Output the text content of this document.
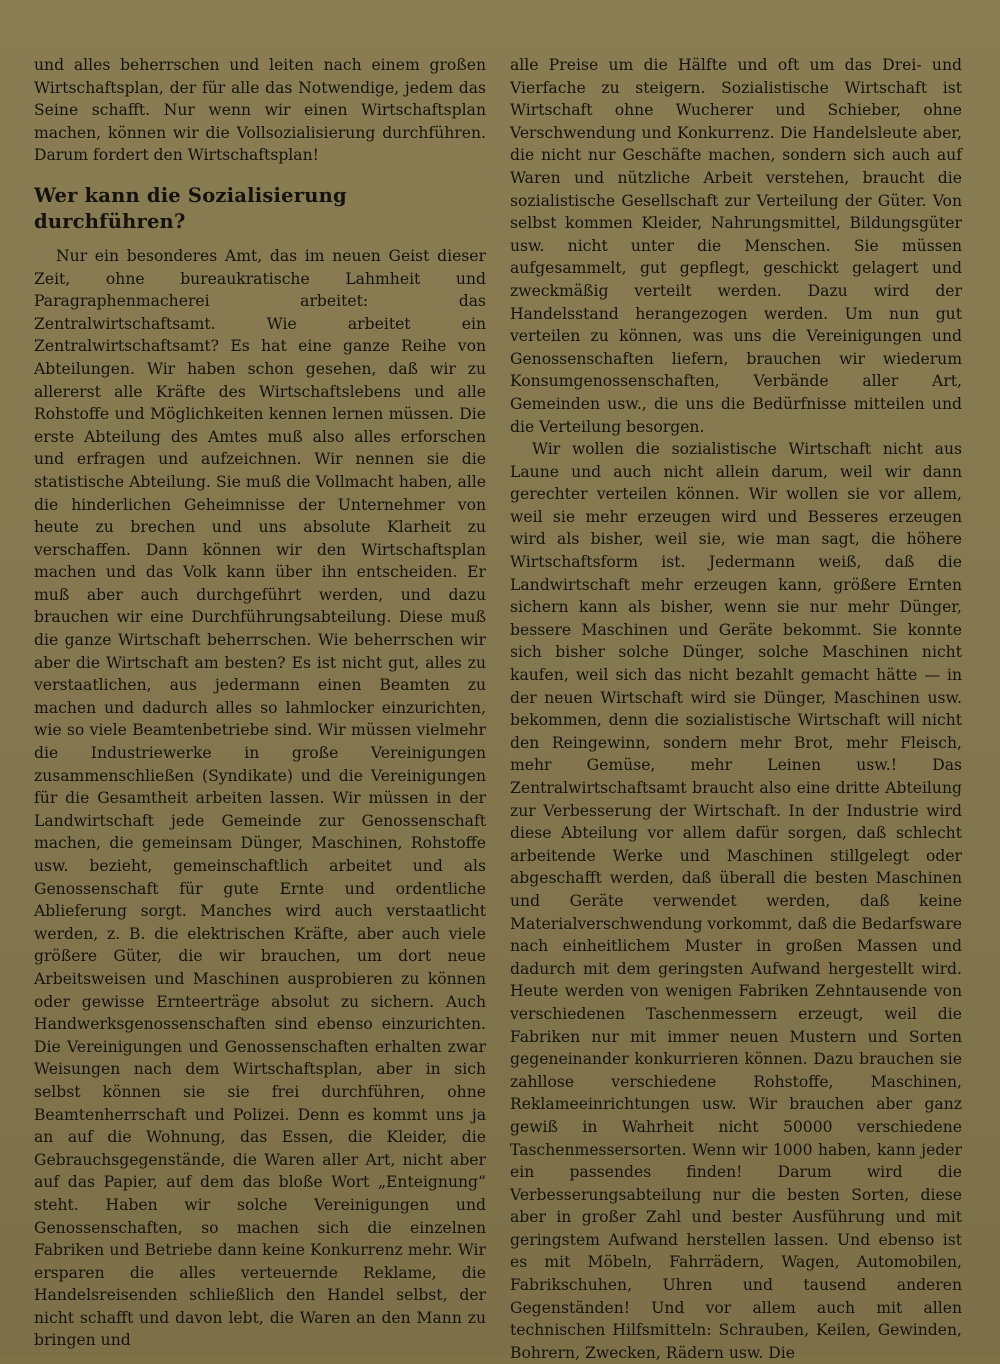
und alles beherrschen und leiten nach einem großen Wirtschaftsplan, der für alle das Notwendige, jedem das Seine schafft. Nur wenn wir einen Wirtschaftsplan machen, können wir die Vollsozialisierung durchführen. Darum fordert den Wirtschaftsplan!

Wer kann die Sozialisierung durchführen?

Nur ein besonderes Amt, das im neuen Geist dieser Zeit, ohne bureaukratische Lahmheit und Paragraphenmacherei arbeitet: das Zentralwirtschaftsamt. Wie arbeitet ein Zentralwirtschaftsamt? Es hat eine ganze Reihe von Abteilungen. Wir haben schon gesehen, daß wir zu allererst alle Kräfte des Wirtschaftslebens und alle Rohstoffe und Möglichkeiten kennen lernen müssen. Die erste Abteilung des Amtes muß also alles erforschen und erfragen und aufzeichnen. Wir nennen sie die statistische Abteilung. Sie muß die Vollmacht haben, alle die hinderlichen Geheimnisse der Unternehmer von heute zu brechen und uns absolute Klarheit zu verschaffen. Dann können wir den Wirtschaftsplan machen und das Volk kann über ihn entscheiden. Er muß aber auch durchgeführt werden, und dazu brauchen wir eine Durchführungsabteilung. Diese muß die ganze Wirtschaft beherrschen. Wie beherrschen wir aber die Wirtschaft am besten? Es ist nicht gut, alles zu verstaatlichen, aus jedermann einen Beamten zu machen und dadurch alles so lahmlocker einzurichten, wie so viele Beamtenbetriebe sind. Wir müssen vielmehr die Industriewerke in große Vereinigungen zusammenschließen (Syndikate) und die Vereinigungen für die Gesamtheit arbeiten lassen. Wir müssen in der Landwirtschaft jede Gemeinde zur Genossenschaft machen, die gemeinsam Dünger, Maschinen, Rohstoffe usw. bezieht, gemeinschaftlich arbeitet und als Genossenschaft für gute Ernte und ordentliche Ablieferung sorgt. Manches wird auch verstaatlicht werden, z. B. die elektrischen Kräfte, aber auch viele größere Güter, die wir brauchen, um dort neue Arbeitsweisen und Maschinen ausprobieren zu können oder gewisse Ernteerträge absolut zu sichern. Auch Handwerksgenossenschaften sind ebenso einzurichten. Die Vereinigungen und Genossenschaften erhalten zwar Weisungen nach dem Wirtschaftsplan, aber in sich selbst können sie sie frei durchführen, ohne Beamtenherrschaft und Polizei. Denn es kommt uns ja an auf die Wohnung, das Essen, die Kleider, die Gebrauchsgegenstände, die Waren aller Art, nicht aber auf das Papier, auf dem das bloße Wort „Enteignung“ steht. Haben wir solche Vereinigungen und Genossenschaften, so machen sich die einzelnen Fabriken und Betriebe dann keine Konkurrenz mehr. Wir ersparen die alles verteuernde Reklame, die Handelsreisenden schließlich den Handel selbst, der nicht schafft und davon lebt, die Waren an den Mann zu bringen und

alle Preise um die Hälfte und oft um das Drei- und Vierfache zu steigern. Sozialistische Wirtschaft ist Wirtschaft ohne Wucherer und Schieber, ohne Verschwendung und Konkurrenz. Die Handelsleute aber, die nicht nur Geschäfte machen, sondern sich auch auf Waren und nützliche Arbeit verstehen, braucht die sozialistische Gesellschaft zur Verteilung der Güter. Von selbst kommen Kleider, Nahrungsmittel, Bildungsgüter usw. nicht unter die Menschen. Sie müssen aufgesammelt, gut gepflegt, geschickt gelagert und zweckmäßig verteilt werden. Dazu wird der Handelsstand herangezogen werden. Um nun gut verteilen zu können, was uns die Vereinigungen und Genossenschaften liefern, brauchen wir wiederum Konsumgenossenschaften, Verbände aller Art, Gemeinden usw., die uns die Bedürfnisse mitteilen und die Verteilung besorgen.

Wir wollen die sozialistische Wirtschaft nicht aus Laune und auch nicht allein darum, weil wir dann gerechter verteilen können. Wir wollen sie vor allem, weil sie mehr erzeugen wird und Besseres erzeugen wird als bisher, weil sie, wie man sagt, die höhere Wirtschaftsform ist. Jedermann weiß, daß die Landwirtschaft mehr erzeugen kann, größere Ernten sichern kann als bisher, wenn sie nur mehr Dünger, bessere Maschinen und Geräte bekommt. Sie konnte sich bisher solche Dünger, solche Maschinen nicht kaufen, weil sich das nicht bezahlt gemacht hätte — in der neuen Wirtschaft wird sie Dünger, Maschinen usw. bekommen, denn die sozialistische Wirtschaft will nicht den Reingewinn, sondern mehr Brot, mehr Fleisch, mehr Gemüse, mehr Leinen usw.! Das Zentralwirtschaftsamt braucht also eine dritte Abteilung zur Verbesserung der Wirtschaft. In der Industrie wird diese Abteilung vor allem dafür sorgen, daß schlecht arbeitende Werke und Maschinen stillgelegt oder abgeschafft werden, daß überall die besten Maschinen und Geräte verwendet werden, daß keine Materialverschwendung vorkommt, daß die Bedarfsware nach einheitlichem Muster in großen Massen und dadurch mit dem geringsten Aufwand hergestellt wird. Heute werden von wenigen Fabriken Zehntausende von verschiedenen Taschenmessern erzeugt, weil die Fabriken nur mit immer neuen Mustern und Sorten gegeneinander konkurrieren können. Dazu brauchen sie zahllose verschiedene Rohstoffe, Maschinen, Reklameeinrichtungen usw. Wir brauchen aber ganz gewiß in Wahrheit nicht 50000 verschiedene Taschenmessersorten. Wenn wir 1000 haben, kann jeder ein passendes finden! Darum wird die Verbesserungsabteilung nur die besten Sorten, diese aber in großer Zahl und bester Ausführung und mit geringstem Aufwand herstellen lassen. Und ebenso ist es mit Möbeln, Fahrrädern, Wagen, Automobilen, Fabrikschuhen, Uhren und tausend anderen Gegenständen! Und vor allem auch mit allen technischen Hilfsmitteln: Schrauben, Keilen, Gewinden, Bohrern, Zwecken, Rädern usw. Die
